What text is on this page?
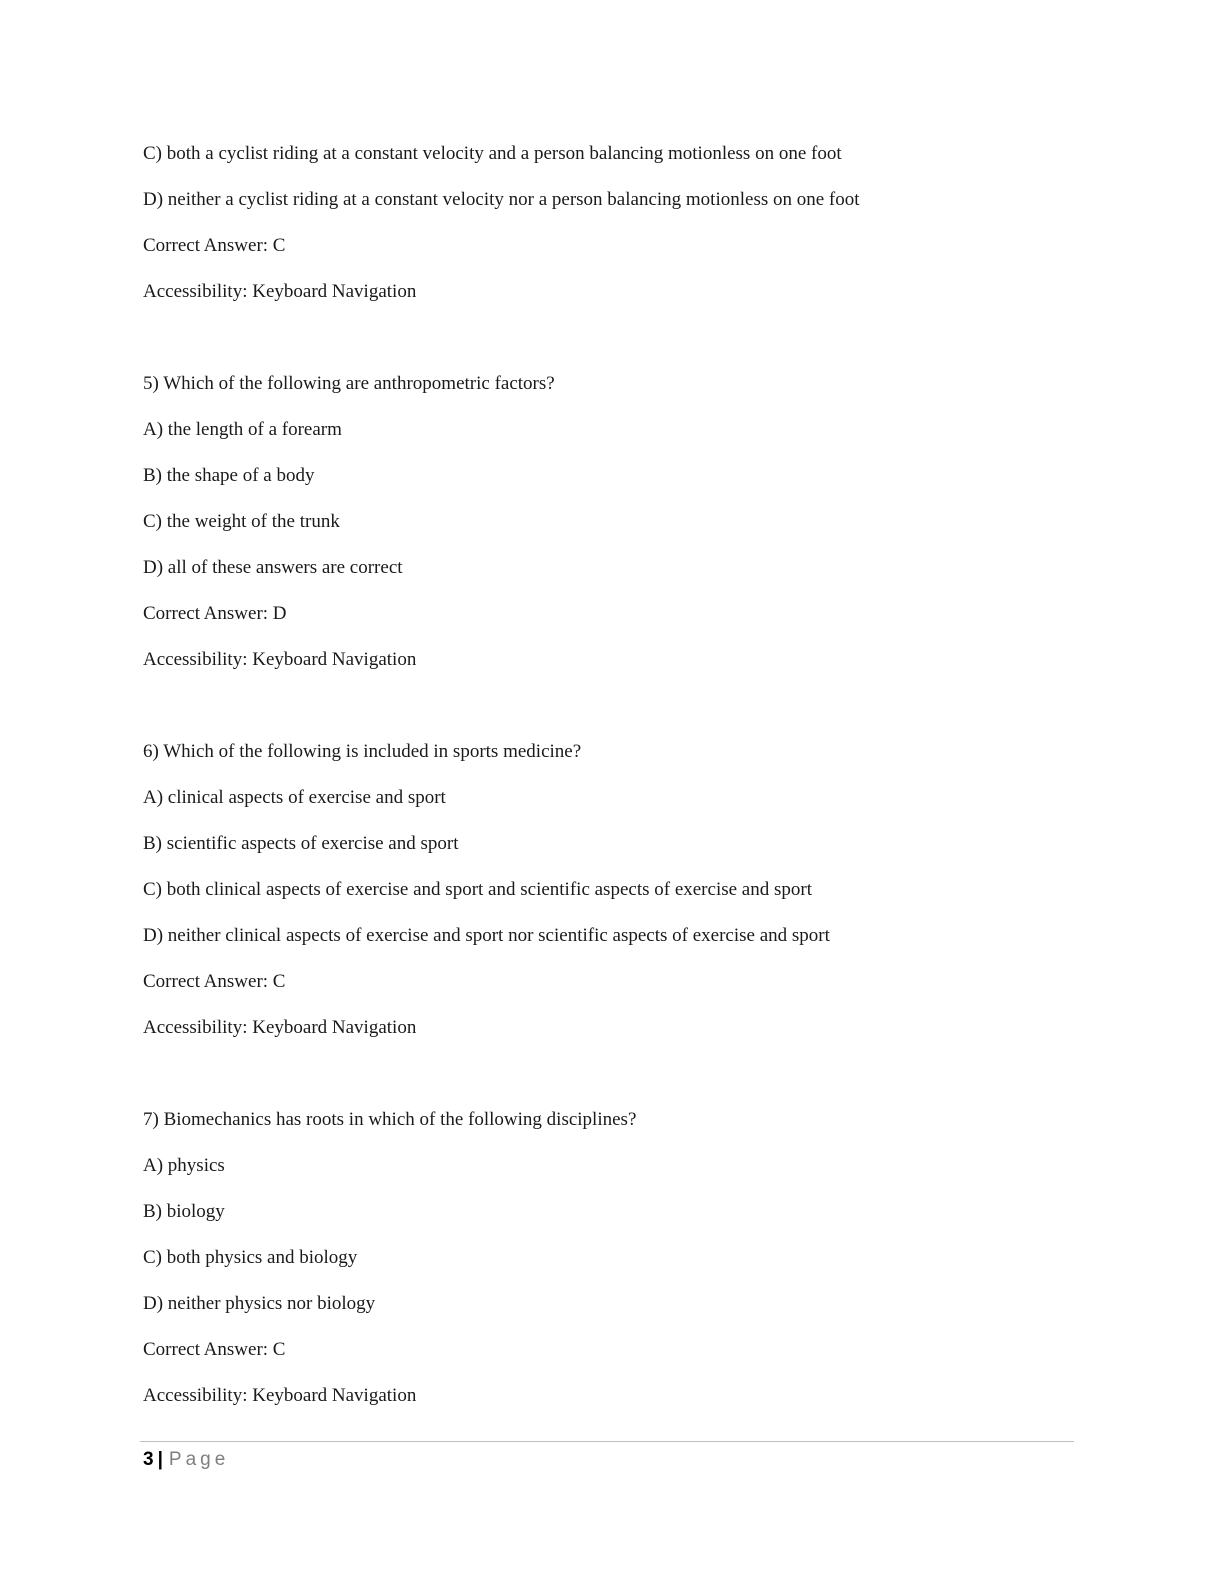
C) both a cyclist riding at a constant velocity and a person balancing motionless on one foot
D) neither a cyclist riding at a constant velocity nor a person balancing motionless on one foot
Correct Answer: C
Accessibility: Keyboard Navigation
5) Which of the following are anthropometric factors?
A) the length of a forearm
B) the shape of a body
C) the weight of the trunk
D) all of these answers are correct
Correct Answer: D
Accessibility: Keyboard Navigation
6) Which of the following is included in sports medicine?
A) clinical aspects of exercise and sport
B) scientific aspects of exercise and sport
C) both clinical aspects of exercise and sport and scientific aspects of exercise and sport
D) neither clinical aspects of exercise and sport nor scientific aspects of exercise and sport
Correct Answer: C
Accessibility: Keyboard Navigation
7) Biomechanics has roots in which of the following disciplines?
A) physics
B) biology
C) both physics and biology
D) neither physics nor biology
Correct Answer: C
Accessibility: Keyboard Navigation
3 | Page
